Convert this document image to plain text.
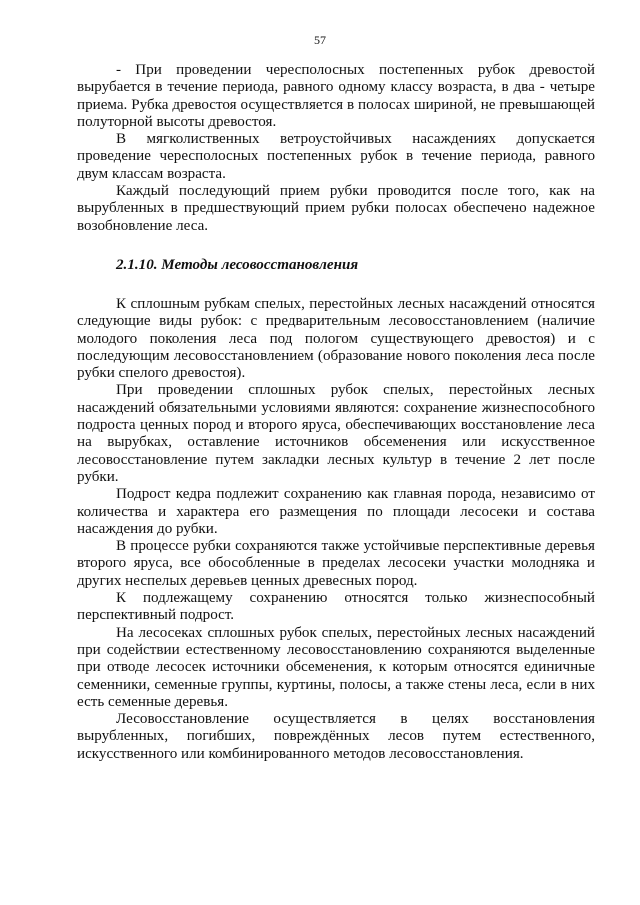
57

- При проведении чересполосных постепенных рубок древостой вырубается в течение периода, равного одному классу возраста, в два - четыре приема. Рубка древостоя осуществляется в полосах шириной, не превышающей полуторной высоты древостоя.

В мягколиственных ветроустойчивых насаждениях допускается проведение чересполосных постепенных рубок в течение периода, равного двум классам возраста.

Каждый последующий прием рубки проводится после того, как на вырубленных в предшествующий прием рубки полосах обеспечено надежное возобновление леса.

2.1.10. Методы лесовосстановления

К сплошным рубкам спелых, перестойных лесных насаждений относятся следующие виды рубок: с предварительным лесовосстановлением (наличие молодого поколения леса под пологом существующего древостоя) и с последующим лесовосстановлением (образование нового поколения леса после рубки спелого древостоя).

При проведении сплошных рубок спелых, перестойных лесных насаждений обязательными условиями являются: сохранение жизнеспособного подроста ценных пород и второго яруса, обеспечивающих восстановление леса на вырубках, оставление источников обсеменения или искусственное лесовосстановление путем закладки лесных культур в течение 2 лет после рубки.

Подрост кедра подлежит сохранению как главная порода, независимо от количества и характера его размещения по площади лесосеки и состава насаждения до рубки.

В процессе рубки сохраняются также устойчивые перспективные деревья второго яруса, все обособленные в пределах лесосеки участки молодняка и других неспелых деревьев ценных древесных пород.

К подлежащему сохранению относятся только жизнеспособный перспективный подрост.

На лесосеках сплошных рубок спелых, перестойных лесных насаждений при содействии естественному лесовосстановлению сохраняются выделенные при отводе лесосек источники обсеменения, к которым относятся единичные семенники, семенные группы, куртины, полосы, а также стены леса, если в них есть семенные деревья.

Лесовосстановление осуществляется в целях восстановления вырубленных, погибших, повреждённых лесов путем естественного, искусственного или комбинированного методов лесовосстановления.
